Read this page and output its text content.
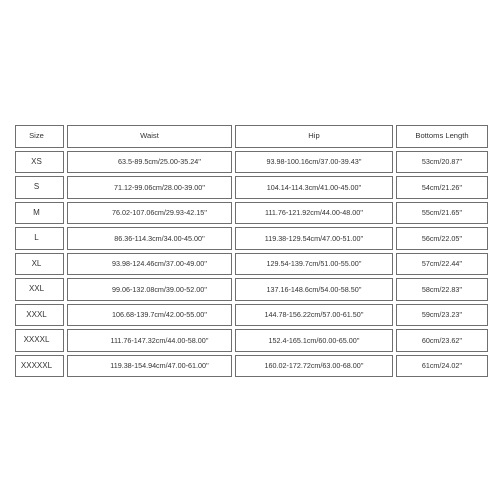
Size	Waist	Hip	Bottoms Length
XS	63.5-89.5cm/25.00-35.24''	93.98-100.16cm/37.00-39.43''	53cm/20.87''
S	71.12-99.06cm/28.00-39.00''	104.14-114.3cm/41.00-45.00''	54cm/21.26''
M	76.02-107.06cm/29.93-42.15''	111.76-121.92cm/44.00-48.00''	55cm/21.65''
L	86.36-114.3cm/34.00-45.00''	119.38-129.54cm/47.00-51.00''	56cm/22.05''
XL	93.98-124.46cm/37.00-49.00''	129.54-139.7cm/51.00-55.00''	57cm/22.44''
XXL	99.06-132.08cm/39.00-52.00''	137.16-148.6cm/54.00-58.50''	58cm/22.83''
XXXL	106.68-139.7cm/42.00-55.00''	144.78-156.22cm/57.00-61.50''	59cm/23.23''
XXXXL	111.76-147.32cm/44.00-58.00''	152.4-165.1cm/60.00-65.00''	60cm/23.62''
XXXXXL	119.38-154.94cm/47.00-61.00''	160.02-172.72cm/63.00-68.00''	61cm/24.02''
